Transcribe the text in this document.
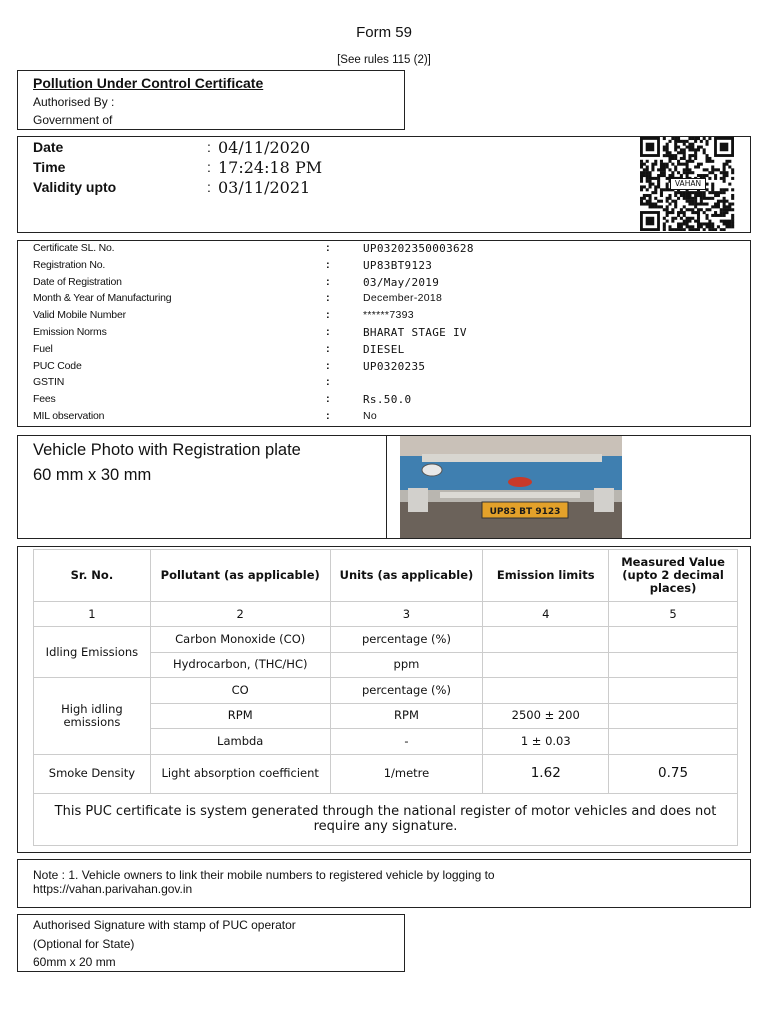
Form 59
[See rules 115 (2)]
Pollution Under Control Certificate
Authorised By :
Government of
Date	: 04/11/2020
Time	: 17:24:18 PM
Validity upto	: 03/11/2021	VAHAN
Certificate SL. No.	:	UP03202350003628
Registration No.	:	UP83BT9123
Date of Registration	:	03/May/2019
Month & Year of Manufacturing	:	December-2018
Valid Mobile Number	:	******7393
Emission Norms	:	BHARAT STAGE IV
Fuel	:	DIESEL
PUC Code	:	UP0320235
GSTIN	:
Fees	:	Rs.50.0
MIL observation	:	No
Vehicle Photo with Registration plate
60 mm x 30 mm
UP83 BT 9123
Sr. No.	Pollutant (as applicable)	Units (as applicable)	Emission limits	Measured Value (upto 2 decimal places)
1	2	3	4	5
Idling Emissions	Carbon Monoxide (CO)	percentage (%)		
	Hydrocarbon, (THC/HC)	ppm		
High idling emissions	CO	percentage (%)		
	RPM	RPM	2500 ± 200	
	Lambda	-	1 ± 0.03	
Smoke Density	Light absorption coefficient	1/metre	1.62	0.75
This PUC certificate is system generated through the national register of motor vehicles and does not require any signature.				
Note : 1. Vehicle owners to link their mobile numbers to registered vehicle by logging to
https://vahan.parivahan.gov.in
Authorised Signature with stamp of PUC operator
(Optional for State)
60mm x 20 mm
